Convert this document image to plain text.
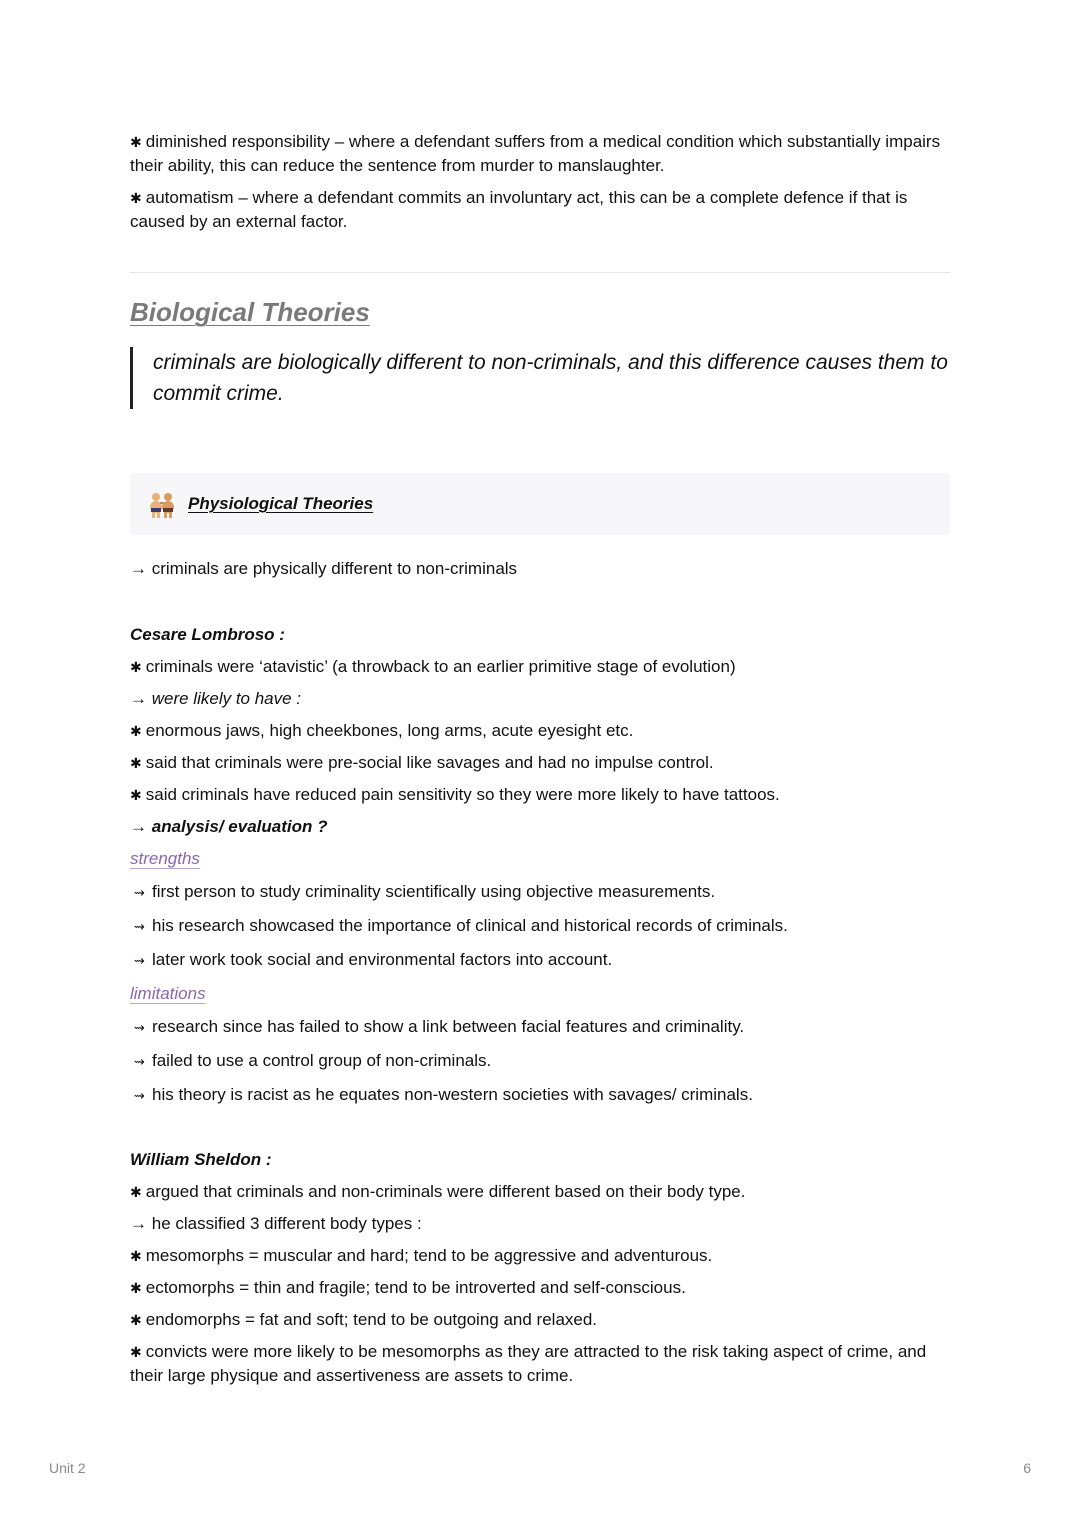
✱ diminished responsibility – where a defendant suffers from a medical condition which substantially impairs their ability, this can reduce the sentence from murder to manslaughter.

✱ automatism – where a defendant commits an involuntary act, this can be a complete defence if that is caused by an external factor.

Biological Theories
criminals are biologically different to non-criminals, and this difference causes them to commit crime.
Physiological Theories

→ criminals are physically different to non-criminals

Cesare Lombroso :

✱ criminals were ‘atavistic’ (a throwback to an earlier primitive stage of evolution)

→ were likely to have :

✱ enormous jaws, high cheekbones, long arms, acute eyesight etc.

✱ said that criminals were pre-social like savages and had no impulse control.

✱ said criminals have reduced pain sensitivity so they were more likely to have tattoos.

→ analysis/ evaluation ?

strengths

⇝ first person to study criminality scientifically using objective measurements.

⇝ his research showcased the importance of clinical and historical records of criminals.

⇝ later work took social and environmental factors into account.

limitations

⇝ research since has failed to show a link between facial features and criminality.

⇝ failed to use a control group of non-criminals.

⇝ his theory is racist as he equates non-western societies with savages/ criminals.

William Sheldon :

✱ argued that criminals and non-criminals were different based on their body type.

→ he classified 3 different body types :

✱ mesomorphs = muscular and hard; tend to be aggressive and adventurous.

✱ ectomorphs = thin and fragile; tend to be introverted and self-conscious.

✱ endomorphs = fat and soft; tend to be outgoing and relaxed.

✱ convicts were more likely to be mesomorphs as they are attracted to the risk taking aspect of crime, and their large physique and assertiveness are assets to crime.

Unit 2	6
